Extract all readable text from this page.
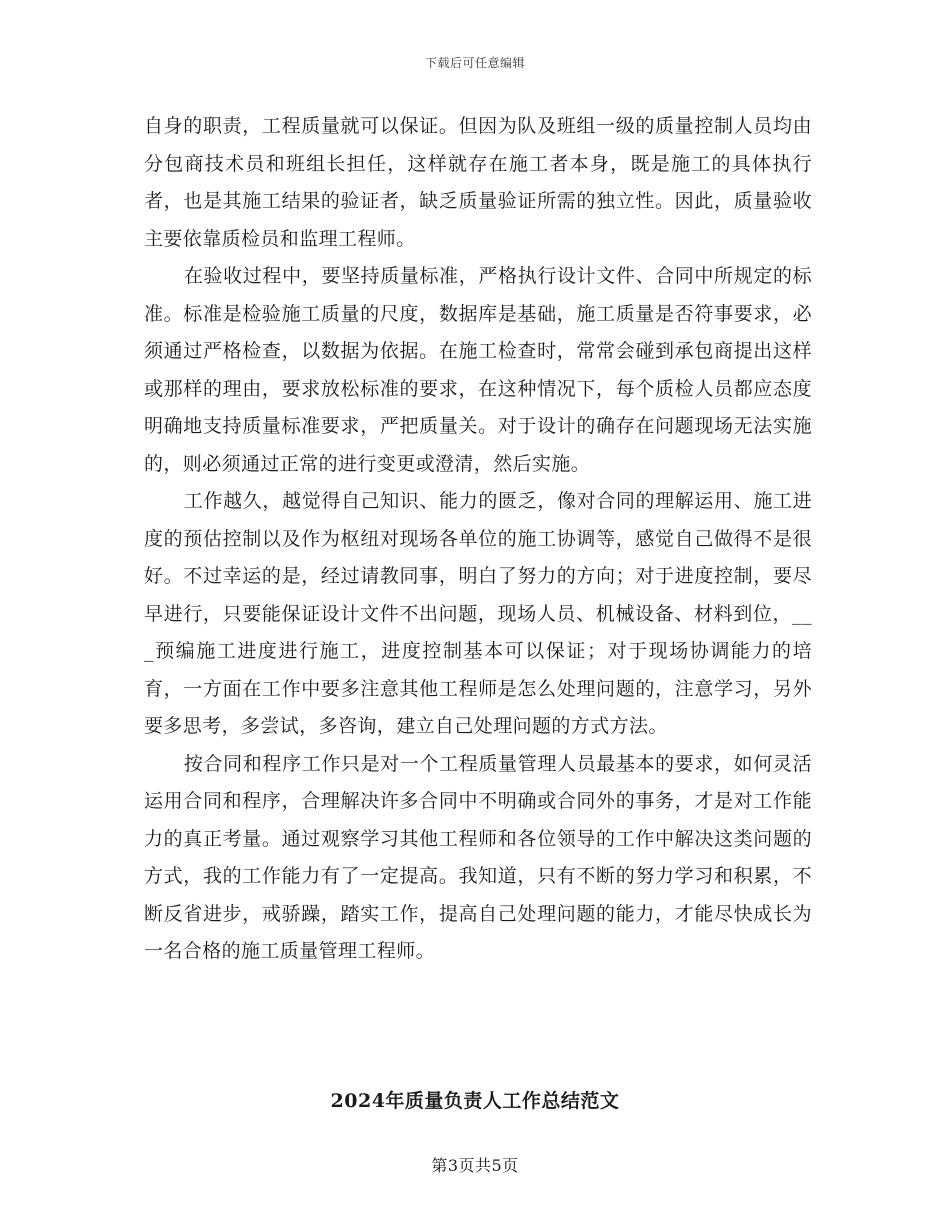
下载后可任意编辑

自身的职责，工程质量就可以保证。但因为队及班组一级的质量控制人员均由分包商技术员和班组长担任，这样就存在施工者本身，既是施工的具体执行者，也是其施工结果的验证者，缺乏质量验证所需的独立性。因此，质量验收主要依靠质检员和监理工程师。

在验收过程中，要坚持质量标准，严格执行设计文件、合同中所规定的标准。标准是检验施工质量的尺度，数据库是基础，施工质量是否符事要求，必须通过严格检查，以数据为依据。在施工检查时，常常会碰到承包商提出这样或那样的理由，要求放松标准的要求，在这种情况下，每个质检人员都应态度明确地支持质量标准要求，严把质量关。对于设计的确存在问题现场无法实施的，则必须通过正常的进行变更或澄清，然后实施。

工作越久，越觉得自己知识、能力的匮乏，像对合同的理解运用、施工进度的预估控制以及作为枢纽对现场各单位的施工协调等，感觉自己做得不是很好。不过幸运的是，经过请教同事，明白了努力的方向；对于进度控制，要尽早进行，只要能保证设计文件不出问题，现场人员、机械设备、材料到位，___预编施工进度进行施工，进度控制基本可以保证；对于现场协调能力的培育，一方面在工作中要多注意其他工程师是怎么处理问题的，注意学习，另外要多思考，多尝试，多咨询，建立自己处理问题的方式方法。

按合同和程序工作只是对一个工程质量管理人员最基本的要求，如何灵活运用合同和程序，合理解决许多合同中不明确或合同外的事务，才是对工作能力的真正考量。通过观察学习其他工程师和各位领导的工作中解决这类问题的方式，我的工作能力有了一定提高。我知道，只有不断的努力学习和积累，不断反省进步，戒骄躁，踏实工作，提高自己处理问题的能力，才能尽快成长为一名合格的施工质量管理工程师。

2024年质量负责人工作总结范文
第3页共5页
